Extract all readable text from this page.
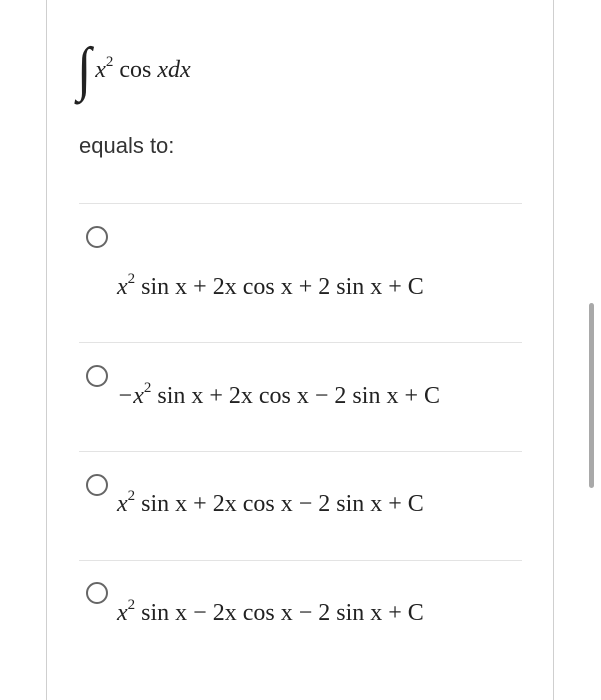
∫ $x^2$ cos xdx
equals to:
$x^2$ sin x + 2x cos x + 2 sin x + C
$-x^2$ sin x + 2x cos x − 2 sin x + C
$x^2$ sin x + 2x cos x − 2 sin x + C
$x^2$ sin x − 2x cos x − 2 sin x + C
